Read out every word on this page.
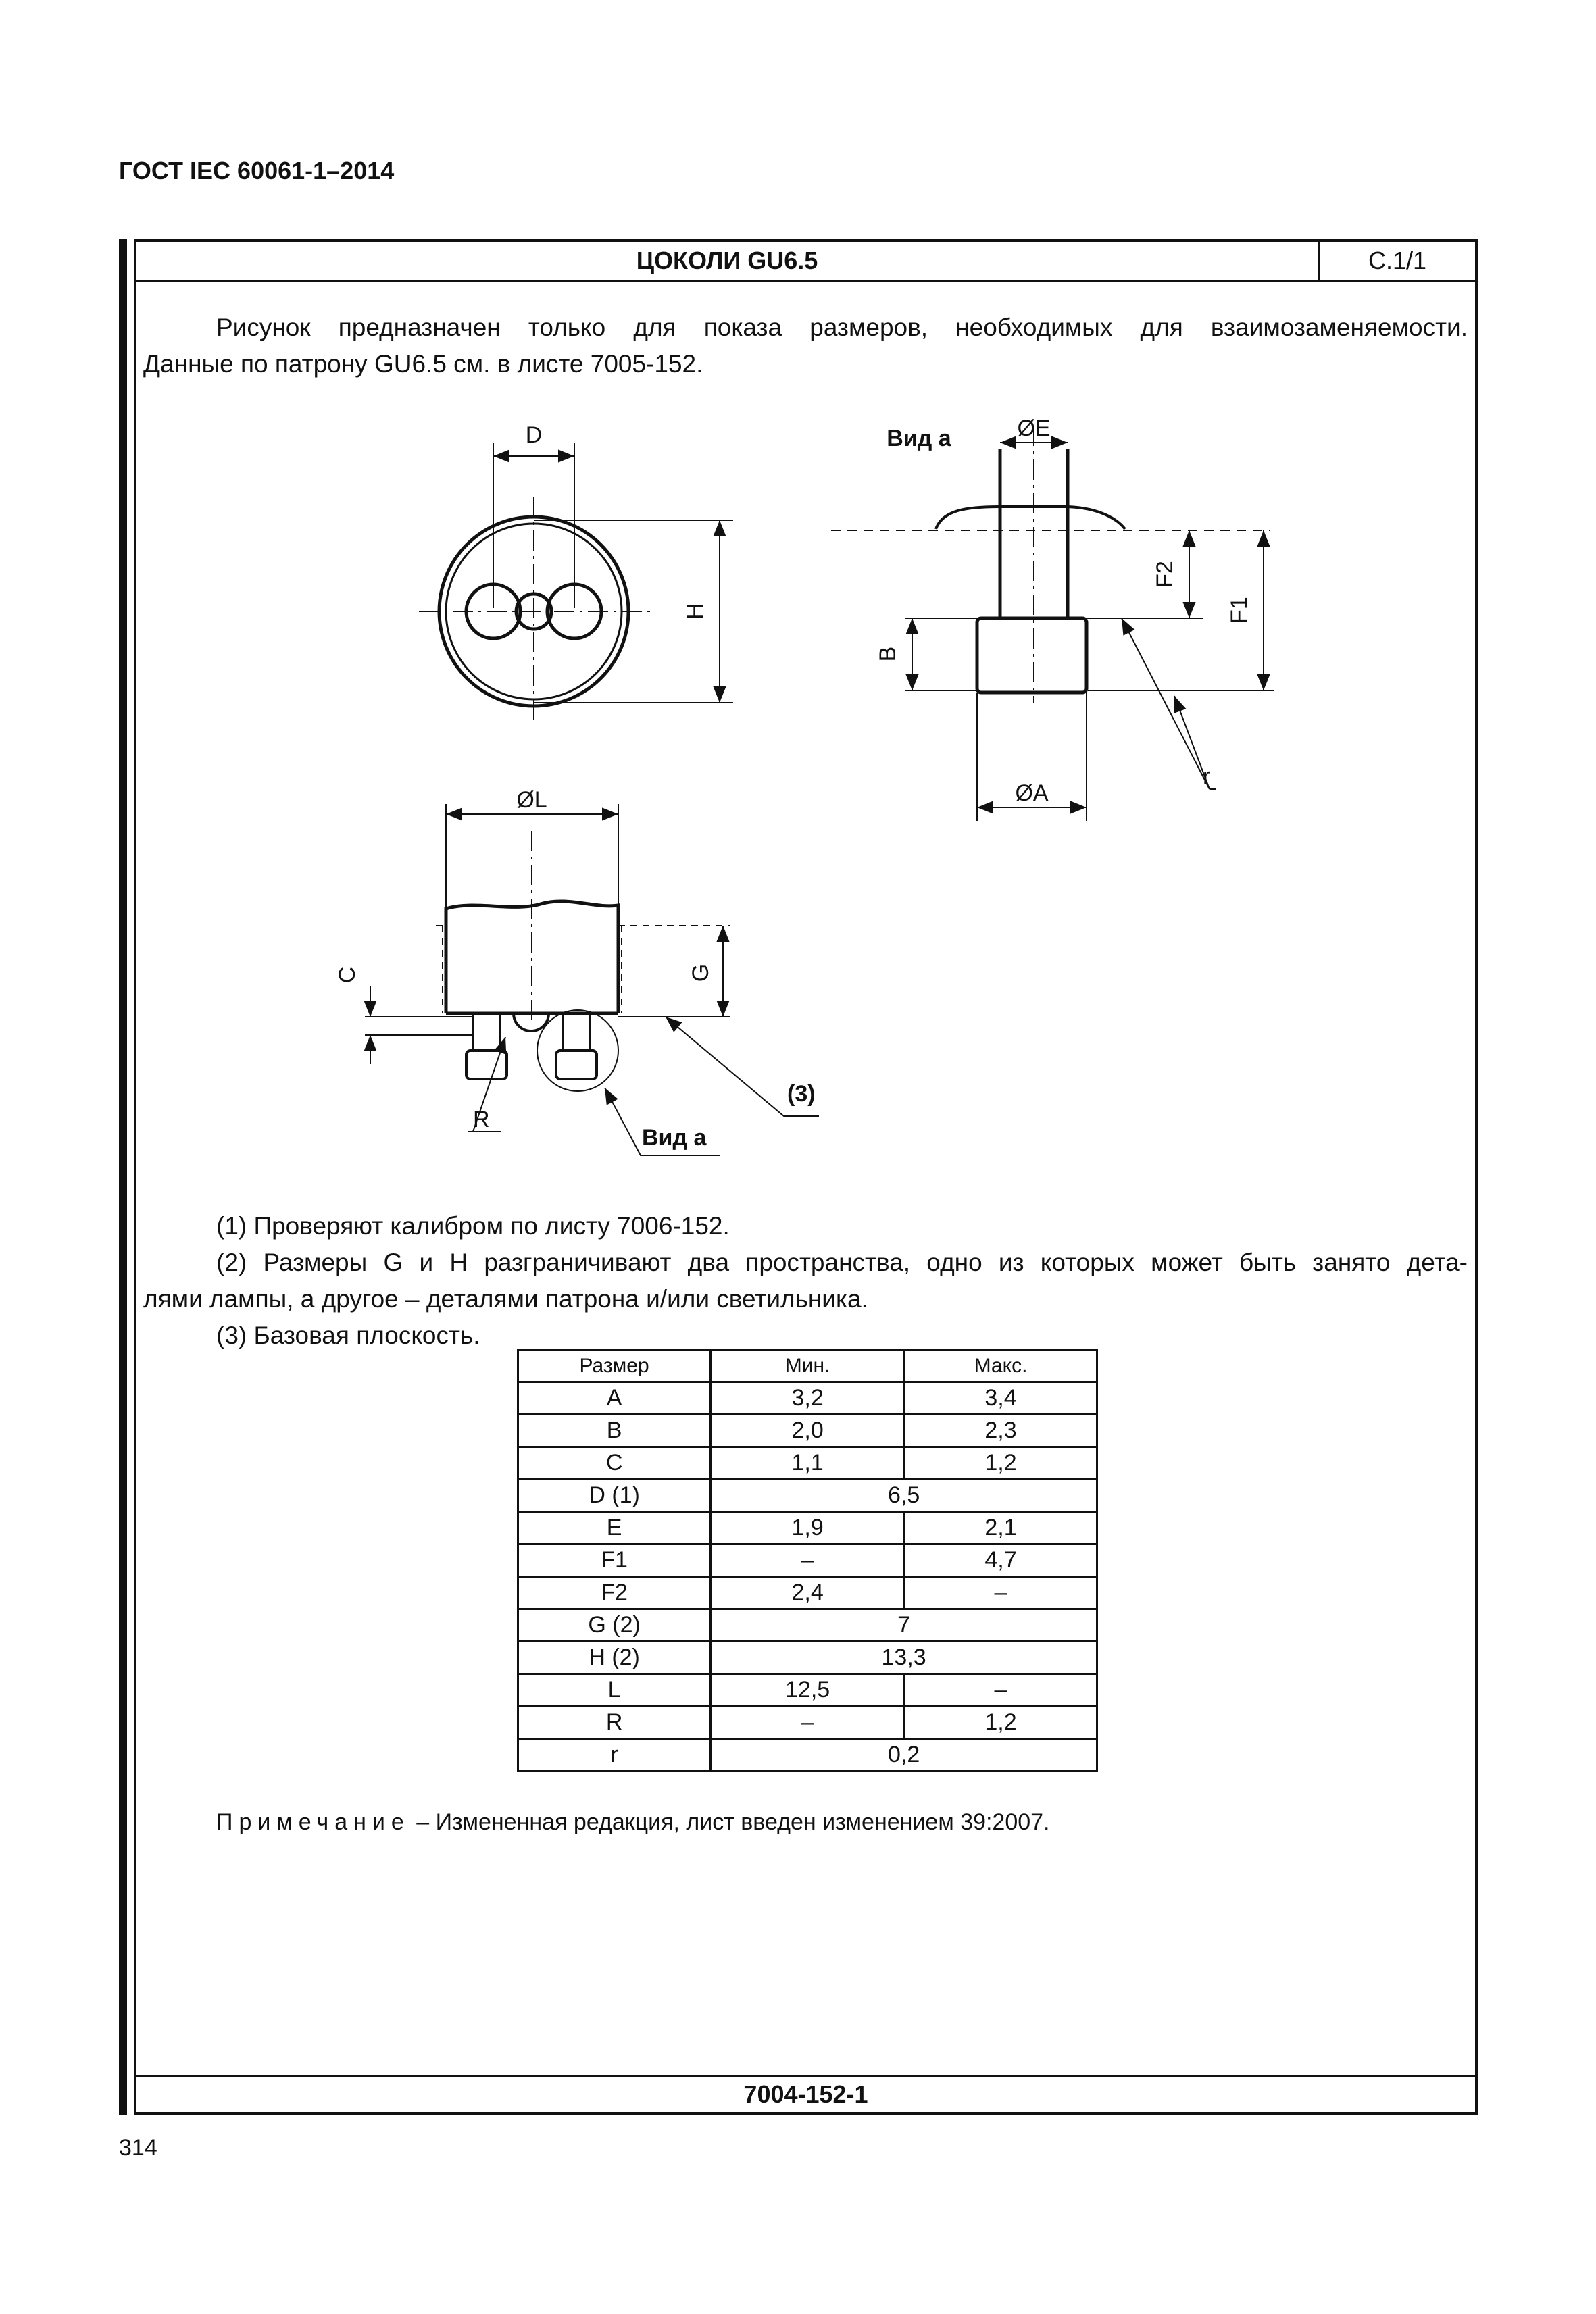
ГОСТ IEC 60061-1–2014
ЦОКОЛИ GU6.5	С.1/1
7004-152-1
Рисунок предназначен только для показа размеров, необходимых для взаимозаменяемости.
Данные по патрону GU6.5 см. в листе 7005-152.
D
H
ØE
Вид а
F2
F1
B
ØA
r
G
ØL
C
R
(3)
Вид а
(1) Проверяют калибром по листу 7006-152.
(2) Размеры G и H разграничивают два пространства, одно из которых может быть занято дета-
лями лампы, а другое – деталями патрона и/или светильника.
(3) Базовая плоскость.
Размер	Мин.	Макс.
A	3,2	3,4
B	2,0	2,3
C	1,1	1,2
D (1)	6,5	
E	1,9	2,1
F1	–	4,7
F2	2,4	–
G (2)	7	
H (2)	13,3	
L	12,5	–
R	–	1,2
r	0,2	
Примечание – Измененная редакция, лист введен изменением 39:2007.
314
